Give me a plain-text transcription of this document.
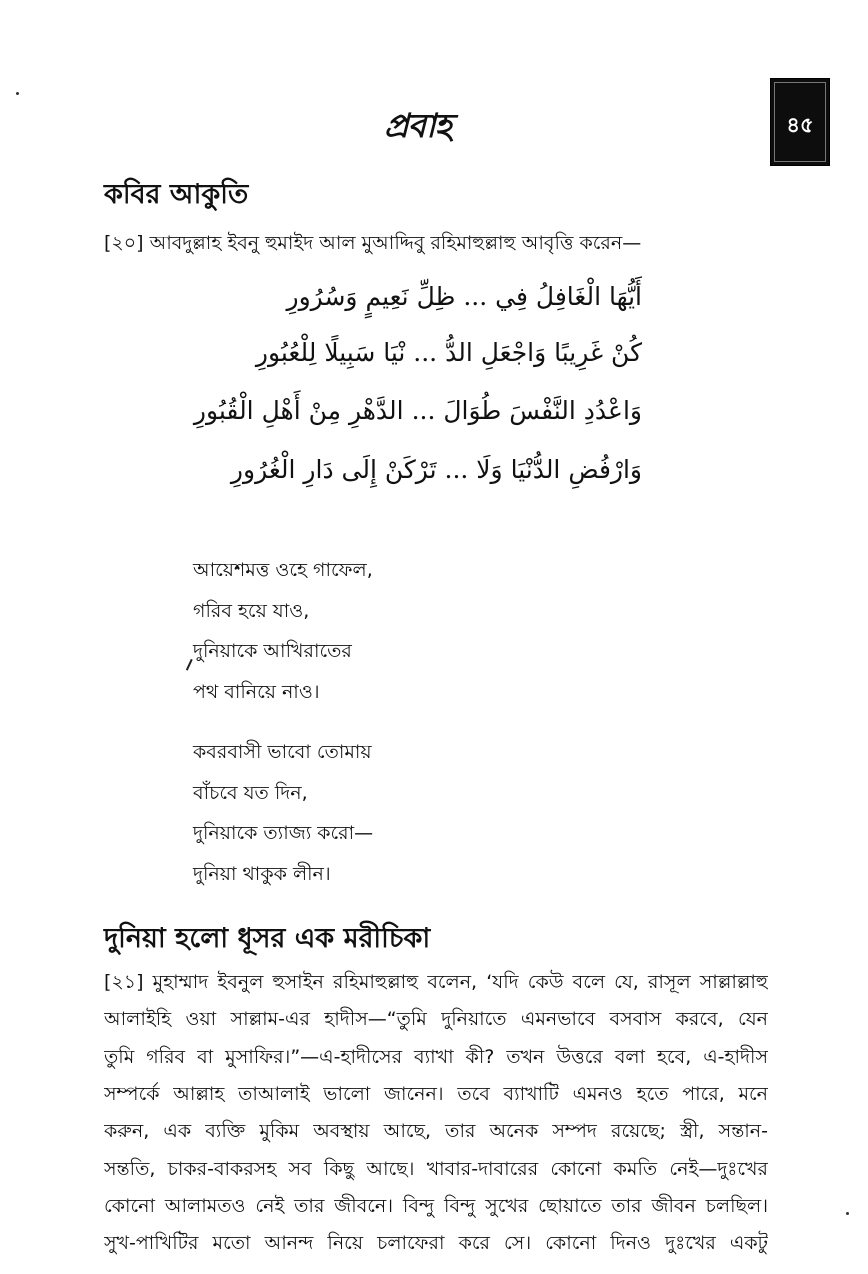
৪৫
প্রবাহ
কবির আকুতি
[২০] আবদুল্লাহ ইবনু হুমাইদ আল মুআদ্দিবু রহিমাহুল্লাহু আবৃত্তি করেন—
أَيُّهَا الْغَافِلُ فِي ... ظِلِّ نَعِيمٍ وَسُرُورِ
كُنْ غَرِيبًا وَاجْعَلِ الدُّ ... نْيَا سَبِيلًا لِلْعُبُورِ
وَاعْدُدِ النَّفْسَ طُوَالَ ... الدَّهْرِ مِنْ أَهْلِ الْقُبُورِ
وَارْفُضِ الدُّنْيَا وَلَا ... تَرْكَنْ إِلَى دَارِ الْغُرُورِ
আয়েশমত্ত ওহে গাফেল,
গরিব হয়ে যাও,
দুনিয়াকে আখিরাতের
পথ বানিয়ে নাও।
কবরবাসী ভাবো তোমায়
বাঁচবে যত দিন,
দুনিয়াকে ত্যাজ্য করো—
দুনিয়া থাকুক লীন।
দুনিয়া হলো ধূসর এক মরীচিকা
[২১] মুহাম্মাদ ইবনুল হুসাইন রহিমাহুল্লাহু বলেন, ‘যদি কেউ বলে যে, রাসূল সাল্লাল্লাহু
আলাইহি ওয়া সাল্লাম-এর হাদীস—“তুমি দুনিয়াতে এমনভাবে বসবাস করবে, যেন
তুমি গরিব বা মুসাফির।”—এ-হাদীসের ব্যাখা কী? তখন উত্তরে বলা হবে, এ-হাদীস
সম্পর্কে আল্লাহ তাআলাই ভালো জানেন। তবে ব্যাখাটি এমনও হতে পারে, মনে
করুন, এক ব্যক্তি মুকিম অবস্থায় আছে, তার অনেক সম্পদ রয়েছে; স্ত্রী, সন্তান-
সন্ততি, চাকর-বাকরসহ সব কিছু আছে। খাবার-দাবারের কোনো কমতি নেই—দুঃখের
কোনো আলামতও নেই তার জীবনে। বিন্দু বিন্দু সুখের ছোয়াতে তার জীবন চলছিল।
সুখ-পাখিটির মতো আনন্দ নিয়ে চলাফেরা করে সে। কোনো দিনও দুঃখের একটু
